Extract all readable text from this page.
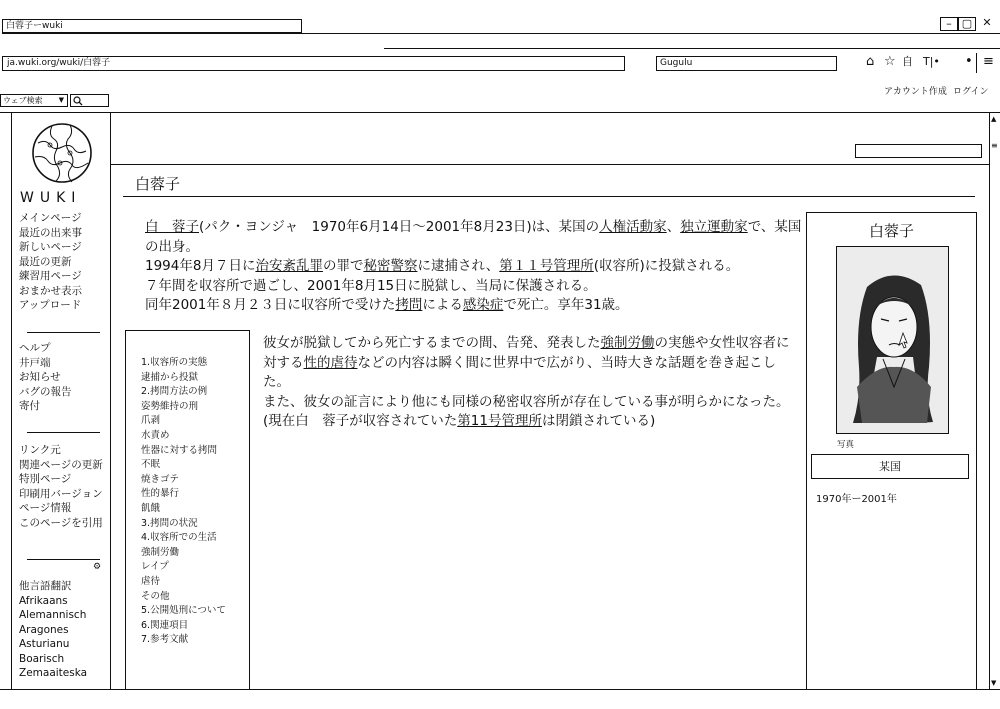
白蓉子ーwuki	– ▢ ✕
ja.wuki.org/wuki/白蓉子	Gugulu	⌂ ☆ 自 T|• • ≡
アカウント作成 ログイン
ウェブ検索 ▼
▲
≡
▼
WUKI
メインページ
最近の出来事
新しいページ
最近の更新
練習用ページ
おまかせ表示
アップロード
ヘルプ
井戸端
お知らせ
バグの報告
寄付
リンク元
関連ページの更新
特別ページ
印刷用バージョン
ページ情報
このページを引用
⚙
他言語翻訳
Afrikaans
Alemannisch
Aragones
Asturianu
Boarisch
Zemaaiteska
白蓉子
白　蓉子(パク・ヨンジャ　1970年6月14日～2001年8月23日)は、某国の人権活動家、独立運動家で、某国の出身。
1994年8月７日に治安紊乱罪の罪で秘密警察に逮捕され、第１１号管理所(収容所)に投獄される。
７年間を収容所で過ごし、2001年8月15日に脱獄し、当局に保護される。
同年2001年８月２３日に収容所で受けた拷問による感染症で死亡。享年31歳。
1.収容所の実態
逮捕から投獄
2.拷問方法の例
姿勢維持の刑
爪剥
水責め
性器に対する拷問
不眠
焼きゴテ
性的暴行
飢餓
3.拷問の状況
4.収容所での生活
強制労働
レイプ
虐待
その他
5.公開処刑について
6.関連項目
7.参考文献
彼女が脱獄してから死亡するまでの間、告発、発表した強制労働の実態や女性収容者に対する性的虐待などの内容は瞬く間に世界中で広がり、当時大きな話題を巻き起こした。
また、彼女の証言により他にも同様の秘密収容所が存在している事が明らかになった。(現在白　蓉子が収容されていた第11号管理所は閉鎖されている)
白蓉子
写真
某国
1970年ー2001年
